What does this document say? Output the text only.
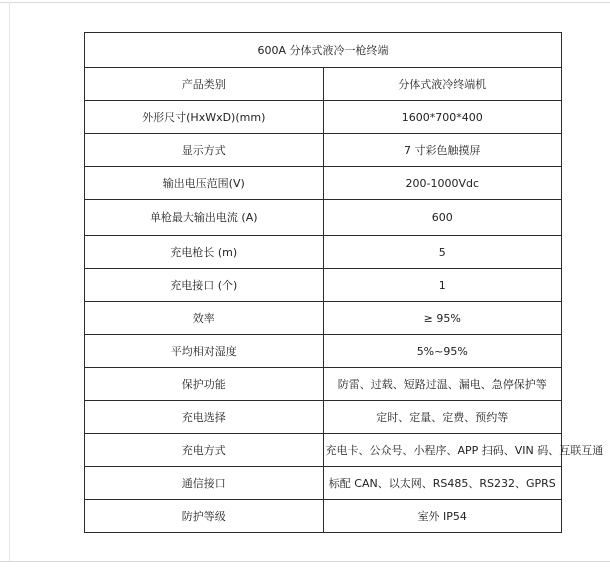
600A 分体式液冷一枪终端	
产品类别	分体式液冷终端机
外形尺寸(HxWxD)(mm)	1600*700*400
显示方式	7 寸彩色触摸屏
输出电压范围(V)	200-1000Vdc
单枪最大输出电流 (A)	600
充电枪长 (m)	5
充电接口 (个)	1
效率	≥ 95%
平均相对湿度	5%~95%
保护功能	防雷、过载、短路过温、漏电、急停保护等
充电选择	定时、定量、定费、预约等
充电方式	充电卡、公众号、小程序、APP 扫码、VIN 码、互联互通
通信接口	标配 CAN、以太网、RS485、RS232、GPRS
防护等级	室外 IP54
